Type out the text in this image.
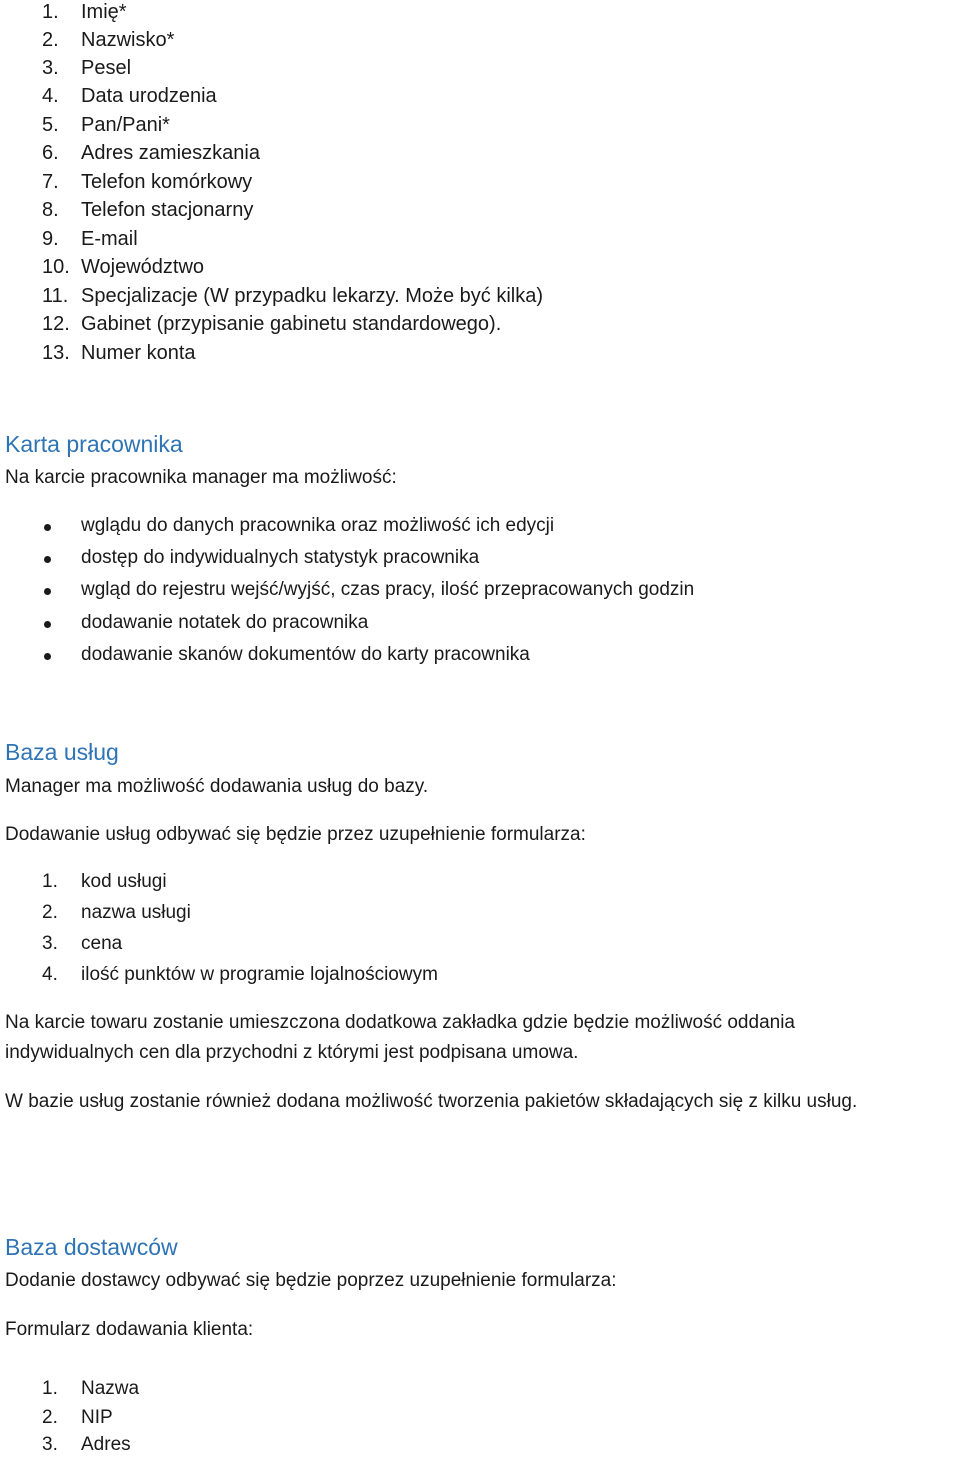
1. Imię*
2. Nazwisko*
3. Pesel
4. Data urodzenia
5. Pan/Pani*
6. Adres zamieszkania
7. Telefon komórkowy
8. Telefon stacjonarny
9. E-mail
10. Województwo
11. Specjalizacje (W przypadku lekarzy. Może być kilka)
12. Gabinet (przypisanie gabinetu standardowego).
13. Numer konta
Karta pracownika
Na karcie pracownika manager ma możliwość:
wglądu do danych pracownika oraz możliwość ich edycji
dostęp do indywidualnych statystyk pracownika
wgląd do rejestru wejść/wyjść, czas pracy, ilość przepracowanych godzin
dodawanie notatek do pracownika
dodawanie skanów dokumentów do karty pracownika
Baza usług
Manager ma możliwość dodawania usług do bazy.
Dodawanie usług odbywać się będzie przez uzupełnienie formularza:
1. kod usługi
2. nazwa usługi
3. cena
4. ilość punktów w programie lojalnościowym
Na karcie towaru zostanie umieszczona dodatkowa zakładka gdzie będzie możliwość oddania
indywidualnych cen dla przychodni z którymi jest podpisana umowa.
W bazie usług zostanie również dodana możliwość tworzenia pakietów składających się z kilku usług.
Baza dostawców
Dodanie dostawcy odbywać się będzie poprzez uzupełnienie formularza:
Formularz dodawania klienta:
1. Nazwa
2. NIP
3. Adres
